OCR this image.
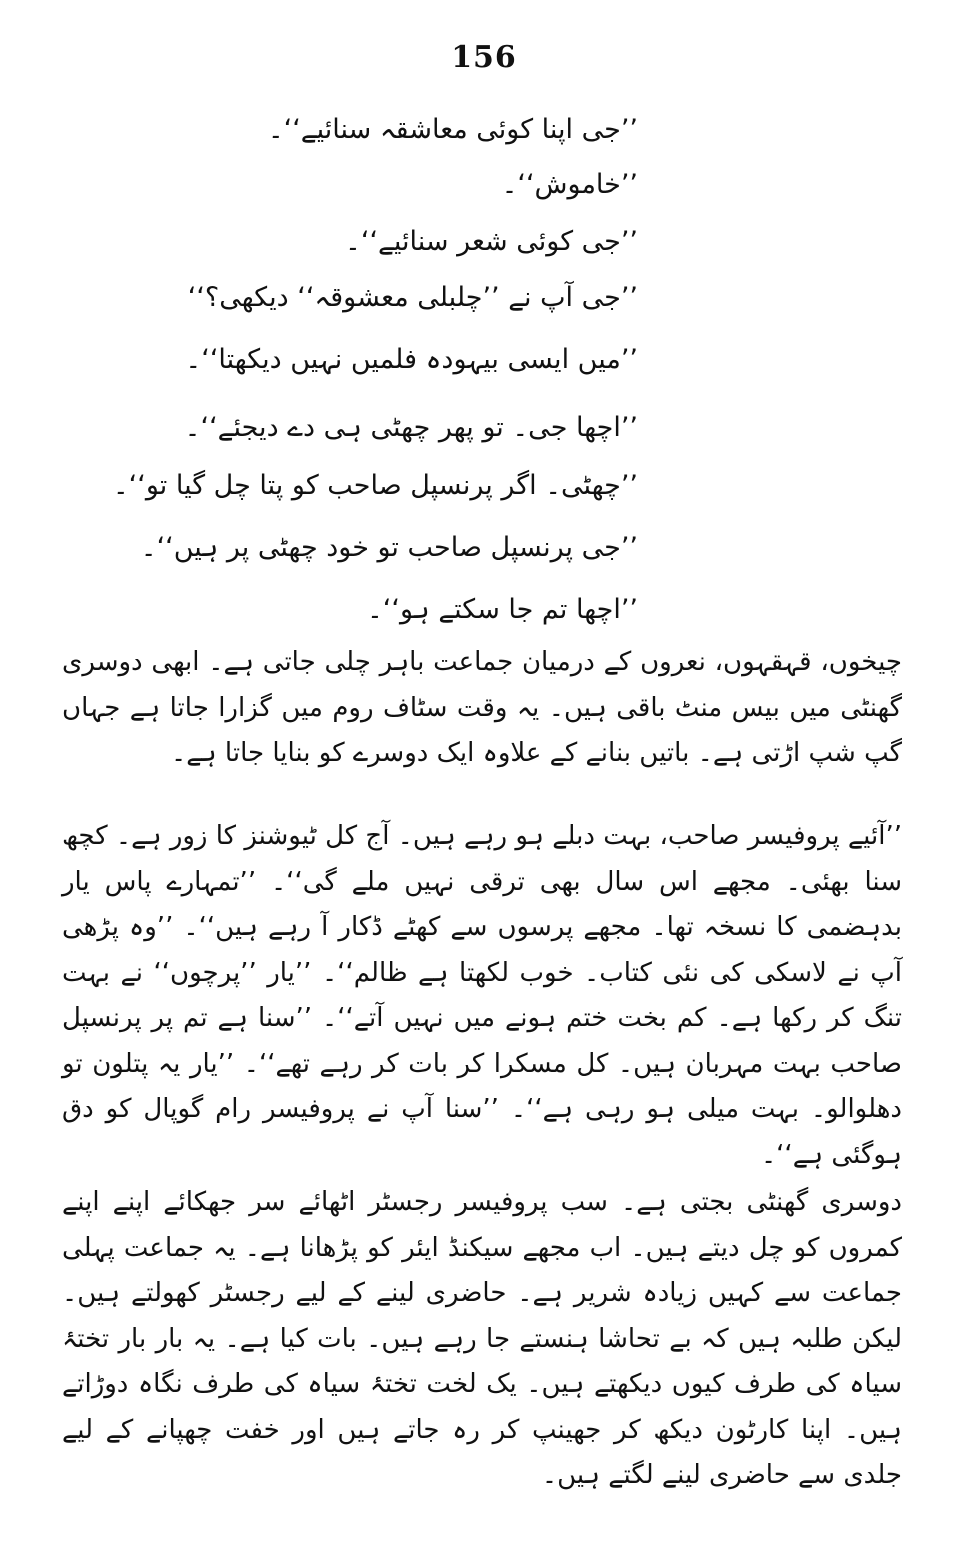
156
’’جی اپنا کوئی معاشقہ سنائیے‘‘۔
’’خاموش‘‘۔
’’جی کوئی شعر سنائیے‘‘۔
’’جی آپ نے ’’چلبلی معشوقہ‘‘ دیکھی؟‘‘
’’میں ایسی بیہودہ فلمیں نہیں دیکھتا‘‘۔
’’اچھا جی۔ تو پھر چھٹی ہی دے دیجئے‘‘۔
’’چھٹی۔ اگر پرنسپل صاحب کو پتا چل گیا تو‘‘۔
’’جی پرنسپل صاحب تو خود چھٹی پر ہیں‘‘۔
’’اچھا تم جا سکتے ہو‘‘۔
چیخوں، قہقہوں، نعروں کے درمیان جماعت باہر چلی جاتی ہے۔ ابھی دوسری گھنٹی میں بیس منٹ باقی ہیں۔ یہ وقت سٹاف روم میں گزارا جاتا ہے جہاں گپ شپ اڑتی ہے۔ باتیں بنانے کے علاوہ ایک دوسرے کو بنایا جاتا ہے۔
’’آئیے پروفیسر صاحب، بہت دبلے ہو رہے ہیں۔ آج کل ٹیوشنز کا زور ہے۔ کچھ سنا بھئی۔ مجھے اس سال بھی ترقی نہیں ملے گی‘‘۔ ’’تمہارے پاس یار بدہضمی کا نسخہ تھا۔ مجھے پرسوں سے کھٹے ڈکار آ رہے ہیں‘‘۔ ’’وہ پڑھی آپ نے لاسکی کی نئی کتاب۔ خوب لکھتا ہے ظالم‘‘۔ ’’یار ’’پرچوں‘‘ نے بہت تنگ کر رکھا ہے۔ کم بخت ختم ہونے میں نہیں آتے‘‘۔ ’’سنا ہے تم پر پرنسپل صاحب بہت مہربان ہیں۔ کل مسکرا کر بات کر رہے تھے‘‘۔ ’’یار یہ پتلون تو دھلوالو۔ بہت میلی ہو رہی ہے‘‘۔ ’’سنا آپ نے پروفیسر رام گوپال کو دق ہوگئی ہے‘‘۔
دوسری گھنٹی بجتی ہے۔ سب پروفیسر رجسٹر اٹھائے سر جھکائے اپنے اپنے کمروں کو چل دیتے ہیں۔ اب مجھے سیکنڈ ایئر کو پڑھانا ہے۔ یہ جماعت پہلی جماعت سے کہیں زیادہ شریر ہے۔ حاضری لینے کے لیے رجسٹر کھولتے ہیں۔ لیکن طلبہ ہیں کہ بے تحاشا ہنستے جا رہے ہیں۔ بات کیا ہے۔ یہ بار بار تختۂ سیاہ کی طرف کیوں دیکھتے ہیں۔ یک لخت تختۂ سیاہ کی طرف نگاہ دوڑاتے ہیں۔ اپنا کارٹون دیکھ کر جھینپ کر رہ جاتے ہیں اور خفت چھپانے کے لیے جلدی سے حاضری لینے لگتے ہیں۔
